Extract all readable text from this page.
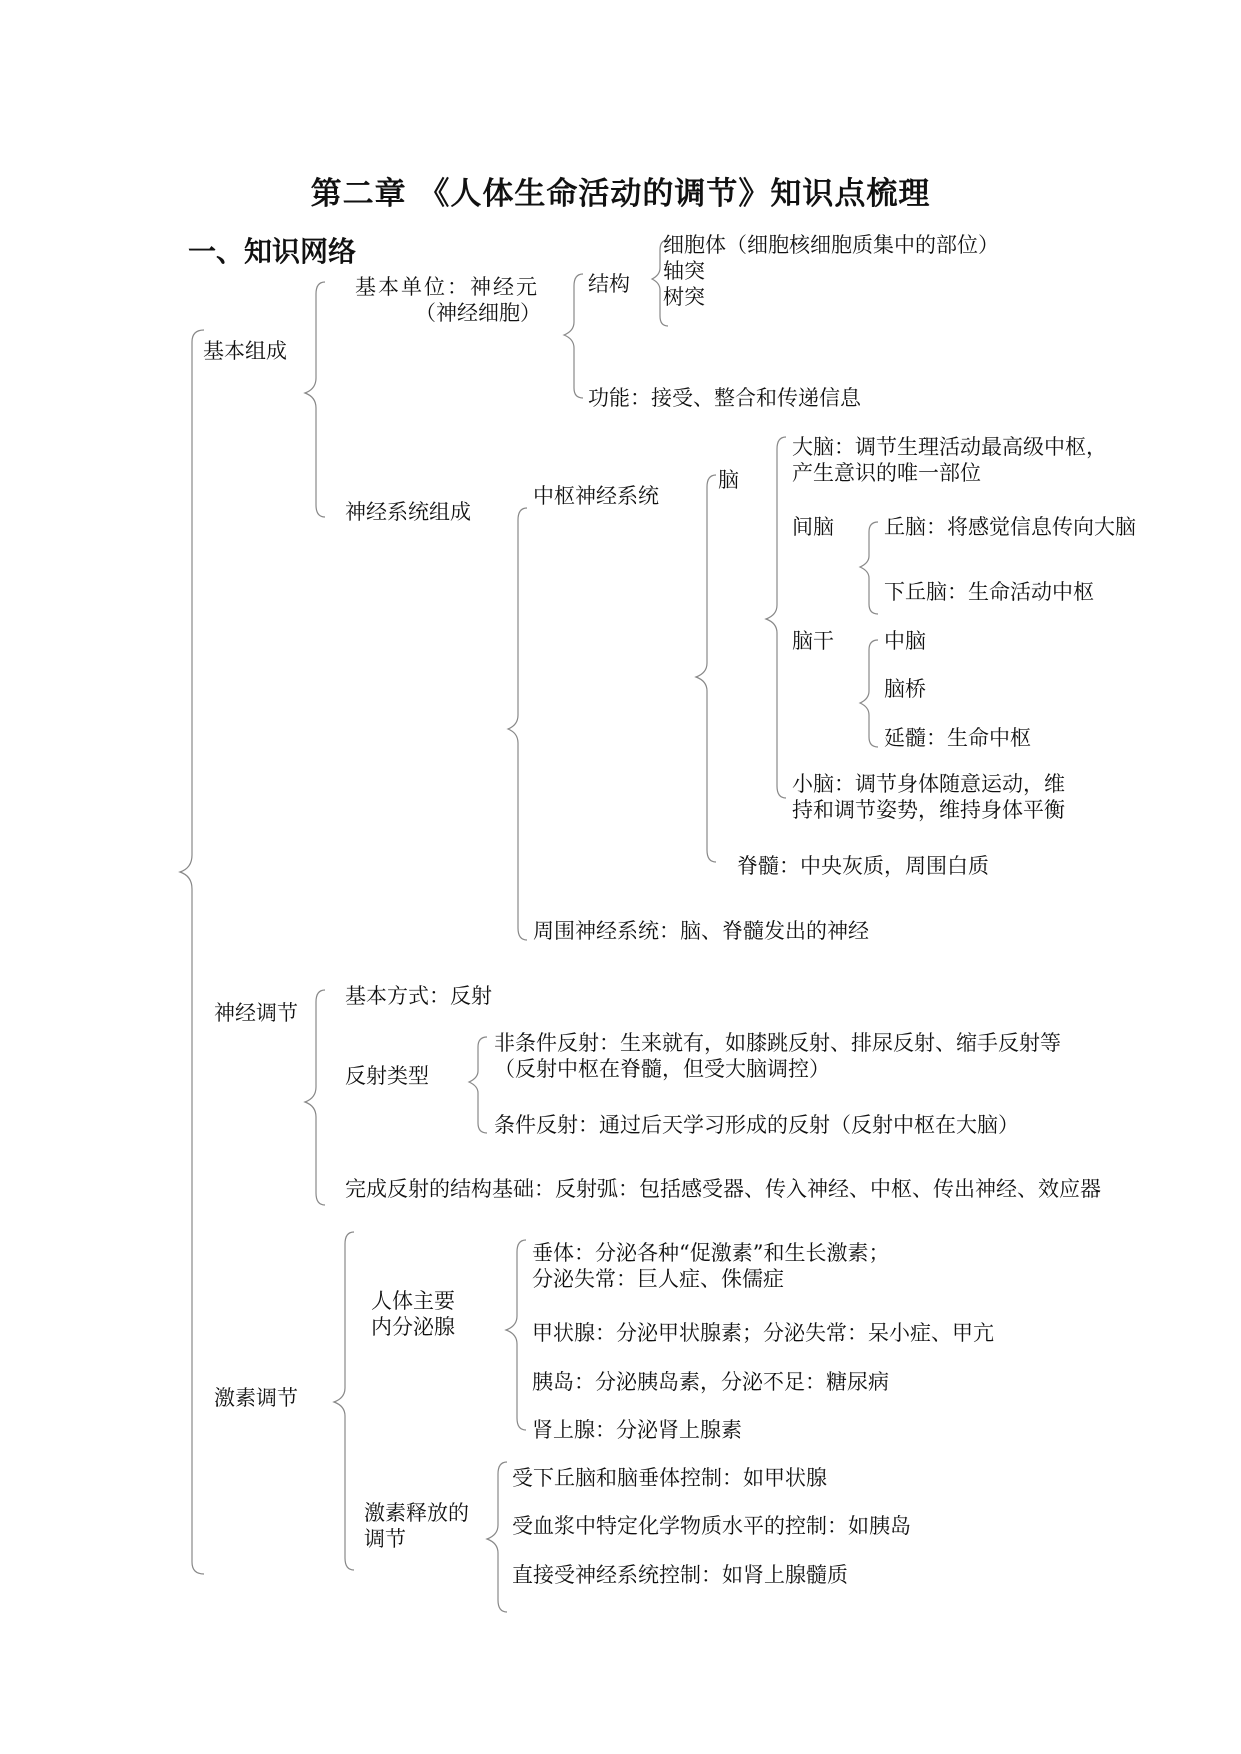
第二章 《人体生命活动的调节》知识点梳理
一、知识网络
基本组成
基本单位：神经元
（神经细胞）
结构
细胞体（细胞核细胞质集中的部位）
轴突
树突
功能：接受、整合和传递信息
神经系统组成
中枢神经系统
脑
大脑：调节生理活动最高级中枢，
产生意识的唯一部位
间脑 丘脑：将感觉信息传向大脑
下丘脑：生命活动中枢
脑干 中脑
脑桥
延髓：生命中枢
小脑：调节身体随意运动，维
持和调节姿势，维持身体平衡
脊髓：中央灰质，周围白质
周围神经系统：脑、脊髓发出的神经
神经调节
基本方式：反射
反射类型
非条件反射：生来就有，如膝跳反射、排尿反射、缩手反射等
（反射中枢在脊髓，但受大脑调控）
条件反射：通过后天学习形成的反射（反射中枢在大脑）
完成反射的结构基础：反射弧：包括感受器、传入神经、中枢、传出神经、效应器
激素调节
人体主要
内分泌腺
垂体：分泌各种“促激素”和生长激素；
分泌失常：巨人症、侏儒症
甲状腺：分泌甲状腺素；分泌失常：呆小症、甲亢
胰岛：分泌胰岛素，分泌不足：糖尿病
肾上腺：分泌肾上腺素
激素释放的
调节
受下丘脑和脑垂体控制：如甲状腺
受血浆中特定化学物质水平的控制：如胰岛
直接受神经系统控制：如肾上腺髓质
